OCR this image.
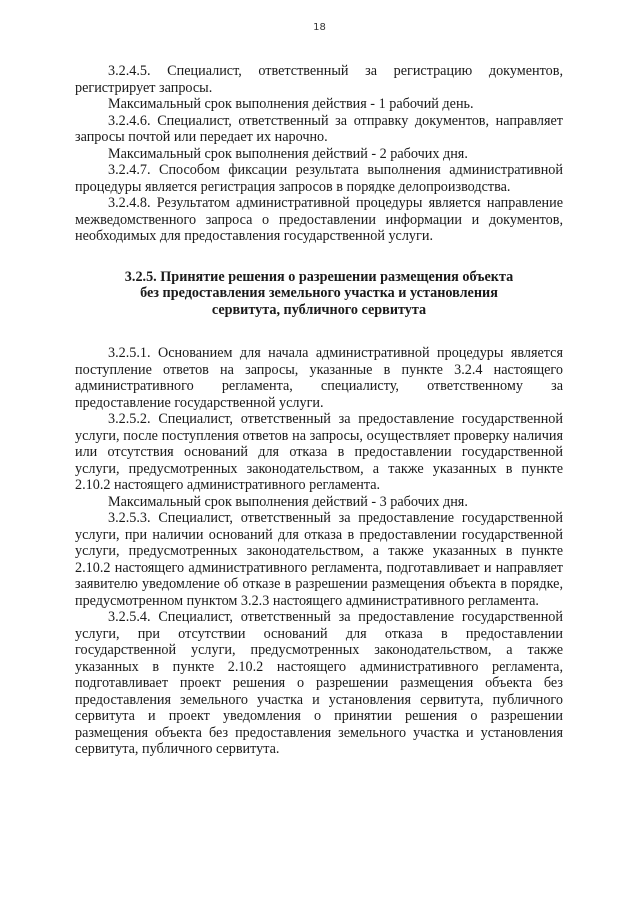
18

3.2.4.5. Специалист, ответственный за регистрацию документов, регистрирует запросы.

Максимальный срок выполнения действия - 1 рабочий день.

3.2.4.6. Специалист, ответственный за отправку документов, направляет запросы почтой или передает их нарочно.

Максимальный срок выполнения действий - 2 рабочих дня.

3.2.4.7. Способом фиксации результата выполнения административной процедуры является регистрация запросов в порядке делопроизводства.

3.2.4.8. Результатом административной процедуры является направление межведомственного запроса о предоставлении информации и документов, необходимых для предоставления государственной услуги.

3.2.5. Принятие решения о разрешении размещения объекта
без предоставления земельного участка и установления
сервитута, публичного сервитута

3.2.5.1. Основанием для начала административной процедуры является поступление ответов на запросы, указанные в пункте 3.2.4 настоящего административного регламента, специалисту, ответственному за предоставление государственной услуги.

3.2.5.2. Специалист, ответственный за предоставление государственной услуги, после поступления ответов на запросы, осуществляет проверку наличия или отсутствия оснований для отказа в предоставлении государственной услуги, предусмотренных законодательством, а также указанных в пункте 2.10.2 настоящего административного регламента.

Максимальный срок выполнения действий - 3 рабочих дня.

3.2.5.3. Специалист, ответственный за предоставление государственной услуги, при наличии оснований для отказа в предоставлении государственной услуги, предусмотренных законодательством, а также указанных в пункте 2.10.2 настоящего административного регламента, подготавливает и направляет заявителю уведомление об отказе в разрешении размещения объекта в порядке, предусмотренном пунктом 3.2.3 настоящего административного регламента.

3.2.5.4. Специалист, ответственный за предоставление государственной услуги, при отсутствии оснований для отказа в предоставлении государственной услуги, предусмотренных законодательством, а также указанных в пункте 2.10.2 настоящего административного регламента, подготавливает проект решения о разрешении размещения объекта без предоставления земельного участка и установления сервитута, публичного сервитута и проект уведомления о принятии решения о разрешении размещения объекта без предоставления земельного участка и установления сервитута, публичного сервитута.
